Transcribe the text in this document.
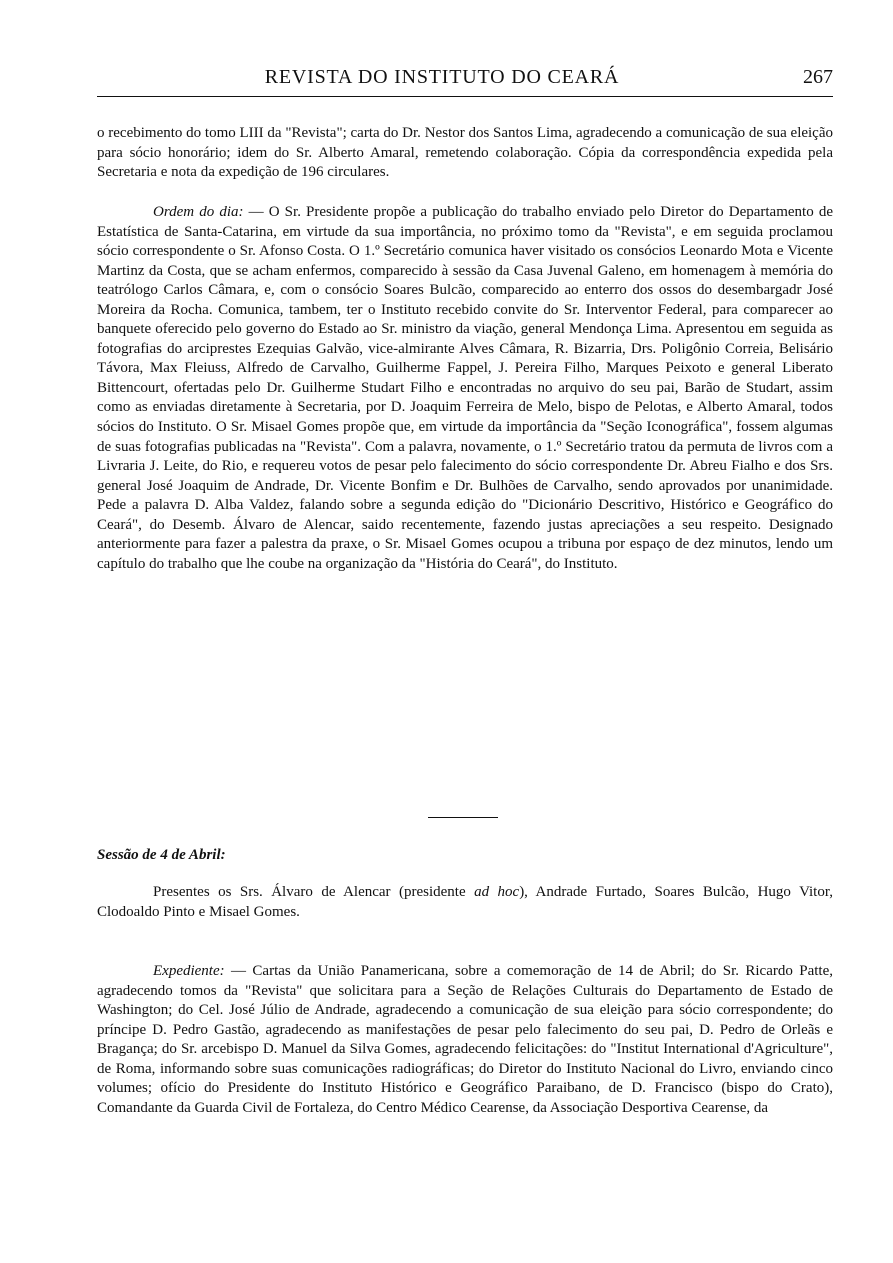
REVISTA DO INSTITUTO DO CEARÁ	267

o recebimento do tomo LIII da "Revista"; carta do Dr. Nestor dos Santos Lima, agradecendo a comunicação de sua eleição para sócio honorário; idem do Sr. Alberto Amaral, remetendo colaboração. Cópia da correspondência expedida pela Secretaria e nota da expedição de 196 circulares.

Ordem do dia: — O Sr. Presidente propõe a publicação do trabalho enviado pelo Diretor do Departamento de Estatística de Santa-Catarina, em virtude da sua importância, no próximo tomo da "Revista", e em seguida proclamou sócio correspondente o Sr. Afonso Costa. O 1.º Secretário comunica haver visitado os consócios Leonardo Mota e Vicente Martinz da Costa, que se acham enfermos, comparecido à sessão da Casa Juvenal Galeno, em homenagem à memória do teatrólogo Carlos Câmara, e, com o consócio Soares Bulcão, comparecido ao enterro dos ossos do desembargadr José Moreira da Rocha. Comunica, tambem, ter o Instituto recebido convite do Sr. Interventor Federal, para comparecer ao banquete oferecido pelo governo do Estado ao Sr. ministro da viação, general Mendonça Lima. Apresentou em seguida as fotografias do arciprestes Ezequias Galvão, vice-almirante Alves Câmara, R. Bizarria, Drs. Poligônio Correia, Belisário Távora, Max Fleiuss, Alfredo de Carvalho, Guilherme Fappel, J. Pereira Filho, Marques Peixoto e general Liberato Bittencourt, ofertadas pelo Dr. Guilherme Studart Filho e encontradas no arquivo do seu pai, Barão de Studart, assim como as enviadas diretamente à Secretaria, por D. Joaquim Ferreira de Melo, bispo de Pelotas, e Alberto Amaral, todos sócios do Instituto. O Sr. Misael Gomes propõe que, em virtude da importância da "Seção Iconográfica", fossem algumas de suas fotografias publicadas na "Revista". Com a palavra, novamente, o 1.º Secretário tratou da permuta de livros com a Livraria J. Leite, do Rio, e requereu votos de pesar pelo falecimento do sócio correspondente Dr. Abreu Fialho e dos Srs. general José Joaquim de Andrade, Dr. Vicente Bonfim e Dr. Bulhões de Carvalho, sendo aprovados por unanimidade. Pede a palavra D. Alba Valdez, falando sobre a segunda edição do "Dicionário Descritivo, Histórico e Geográfico do Ceará", do Desemb. Álvaro de Alencar, saido recentemente, fazendo justas apreciações a seu respeito. Designado anteriormente para fazer a palestra da praxe, o Sr. Misael Gomes ocupou a tribuna por espaço de dez minutos, lendo um capítulo do trabalho que lhe coube na organização da "História do Ceará", do Instituto.

Sessão de 4 de Abril:

Presentes os Srs. Álvaro de Alencar (presidente ad hoc), Andrade Furtado, Soares Bulcão, Hugo Vitor, Clodoaldo Pinto e Misael Gomes.

Expediente: — Cartas da União Panamericana, sobre a comemoração de 14 de Abril; do Sr. Ricardo Patte, agradecendo tomos da "Revista" que solicitara para a Seção de Relações Culturais do Departamento de Estado de Washington; do Cel. José Júlio de Andrade, agradecendo a comunicação de sua eleição para sócio correspondente; do príncipe D. Pedro Gastão, agradecendo as manifestações de pesar pelo falecimento do seu pai, D. Pedro de Orleãs e Bragança; do Sr. arcebispo D. Manuel da Silva Gomes, agradecendo felicitações: do "Institut International d'Agriculture", de Roma, informando sobre suas comunicações radiográficas; do Diretor do Instituto Nacional do Livro, enviando cinco volumes; ofício do Presidente do Instituto Histórico e Geográfico Paraibano, de D. Francisco (bispo do Crato), Comandante da Guarda Civil de Fortaleza, do Centro Médico Cearense, da Associação Desportiva Cearense, da
